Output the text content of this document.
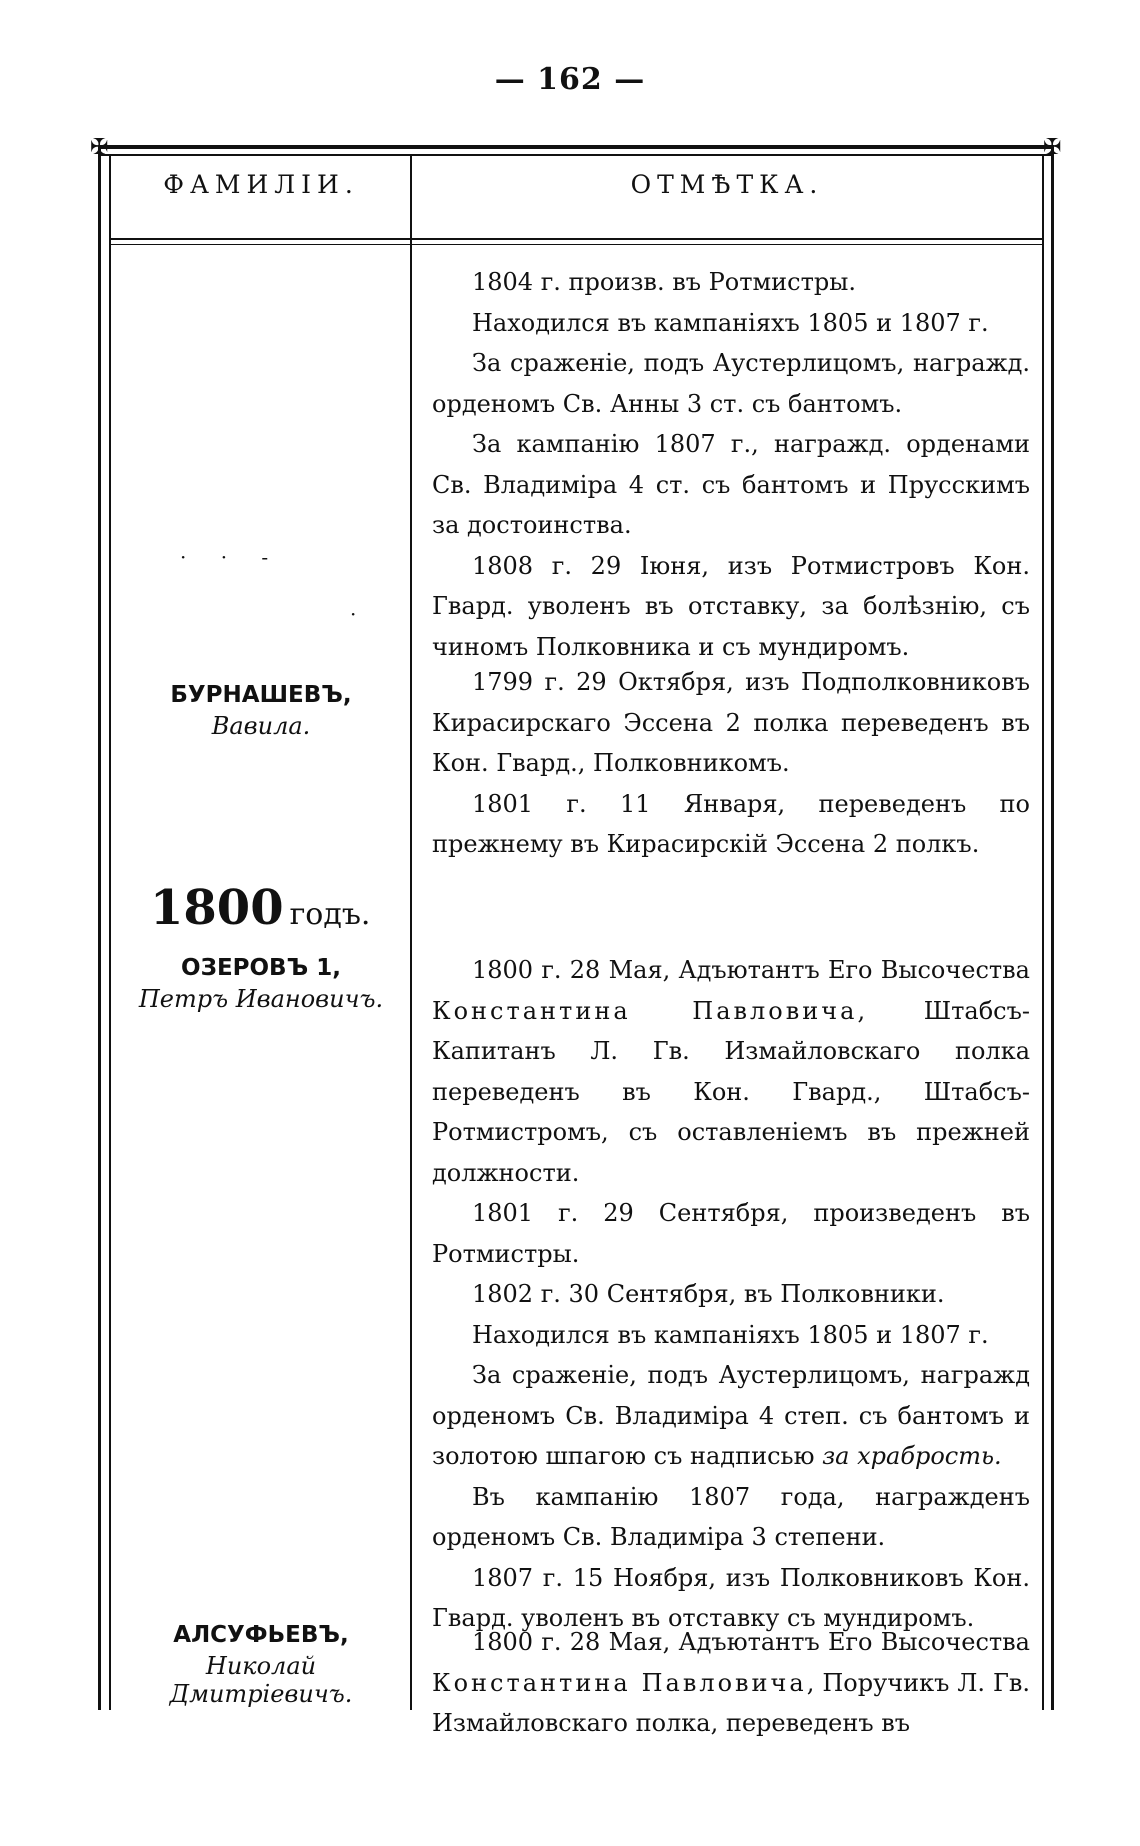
— 162 —
✠	✠
ФАМИЛІИ.	ОТМѢТКА.
· · -
·
БУРНАШЕВЪ,
Вавила.
1800 годъ.
ОЗЕРОВЪ 1,
Петръ Ивановичъ.
АЛСУФЬЕВЪ,
Николай Дмитріевичъ.

1804 г. произв. въ Ротмистры.

Находился въ кампаніяхъ 1805 и 1807 г.

За сраженіе, подъ Аустерлицомъ, награжд. орденомъ Св. Анны 3 ст. съ бантомъ.

За кампанію 1807 г., награжд. орденами Св. Владиміра 4 ст. съ бантомъ и Прусскимъ за достоинства.

1808 г. 29 Іюня, изъ Ротмистровъ Кон. Гвард. уволенъ въ отставку, за болѣзнію, съ чиномъ Полковника и съ мундиромъ.

1799 г. 29 Октября, изъ Подполковниковъ Кирасирскаго Эссена 2 полка переведенъ въ Кон. Гвард., Полковникомъ.

1801 г. 11 Января, переведенъ по прежнему въ Кирасирскій Эссена 2 полкъ.

1800 г. 28 Мая, Адъютантъ Его Высочества Константина Павловича, Штабсъ-Капитанъ Л. Гв. Измайловскаго полка переведенъ въ Кон. Гвард., Штабсъ-Ротмистромъ, съ оставленіемъ въ прежней должности.

1801 г. 29 Сентября, произведенъ въ Ротмистры.

1802 г. 30 Сентября, въ Полковники.

Находился въ кампаніяхъ 1805 и 1807 г.

За сраженіе, подъ Аустерлицомъ, награжд орденомъ Св. Владиміра 4 степ. съ бантомъ и золотою шпагою съ надписью за храбрость.

Въ кампанію 1807 года, награжденъ орденомъ Св. Владиміра 3 степени.

1807 г. 15 Ноября, изъ Полковниковъ Кон. Гвард. уволенъ въ отставку съ мундиромъ.

1800 г. 28 Мая, Адъютантъ Его Высочества Константина Павловича, Поручикъ Л. Гв. Измайловскаго полка, переведенъ въ
